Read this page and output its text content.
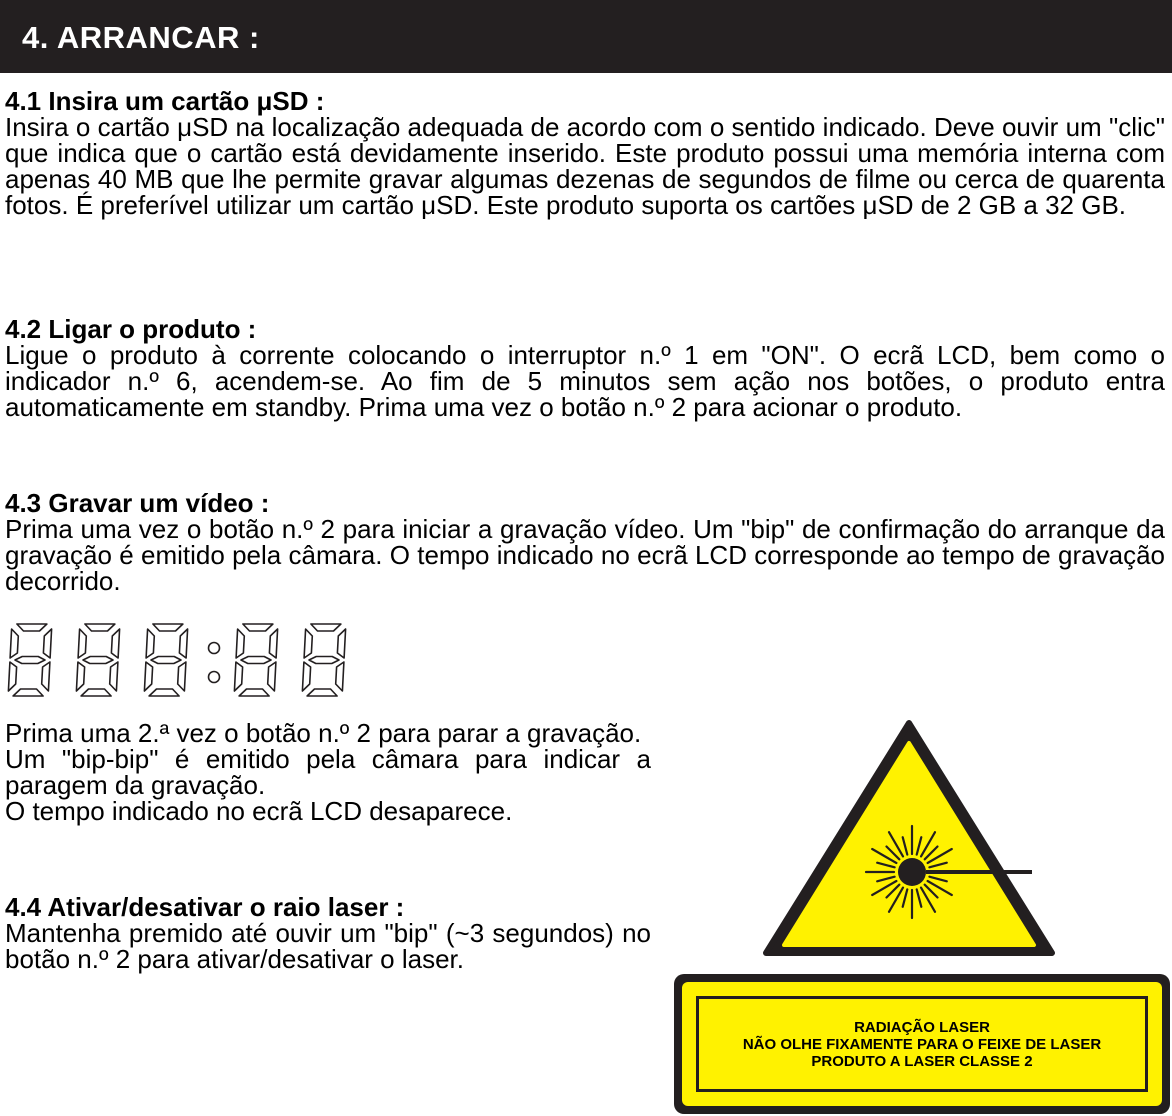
4. ARRANCAR :
4.1 Insira um cartão μSD :

Insira o cartão μSD na localização adequada de acordo com o sentido indicado. Deve ouvir um "clic" que indica que o cartão está devidamente inserido. Este produto possui uma memória interna com apenas 40 MB que lhe permite gravar algumas dezenas de segundos de filme ou cerca de quarenta fotos. É preferível utilizar um cartão μSD. Este produto suporta os cartões μSD de 2 GB a 32 GB.

4.2 Ligar o produto :

Ligue o produto à corrente colocando o interruptor n.º 1 em "ON". O ecrã LCD, bem como o indicador n.º 6, acendem-se. Ao fim de 5 minutos sem ação nos botões, o produto entra automaticamente em standby. Prima uma vez o botão n.º 2 para acionar o produto.

4.3 Gravar um vídeo :

Prima uma vez o botão n.º 2 para iniciar a gravação vídeo. Um "bip" de confirmação do arranque da gravação é emitido pela câmara. O tempo indicado no ecrã LCD corresponde ao tempo de gravação decorrido.

Prima uma 2.ª vez o botão n.º 2 para parar a gravação.

Um "bip-bip" é emitido pela câmara para indicar a paragem da gravação.

O tempo indicado no ecrã LCD desaparece.

4.4 Ativar/desativar o raio laser :

Mantenha premido até ouvir um "bip" (~3 segundos) no botão n.º 2 para ativar/desativar o laser.

RADIAÇÃO LASER
NÃO OLHE FIXAMENTE PARA O FEIXE DE LASER
PRODUTO A LASER CLASSE 2
